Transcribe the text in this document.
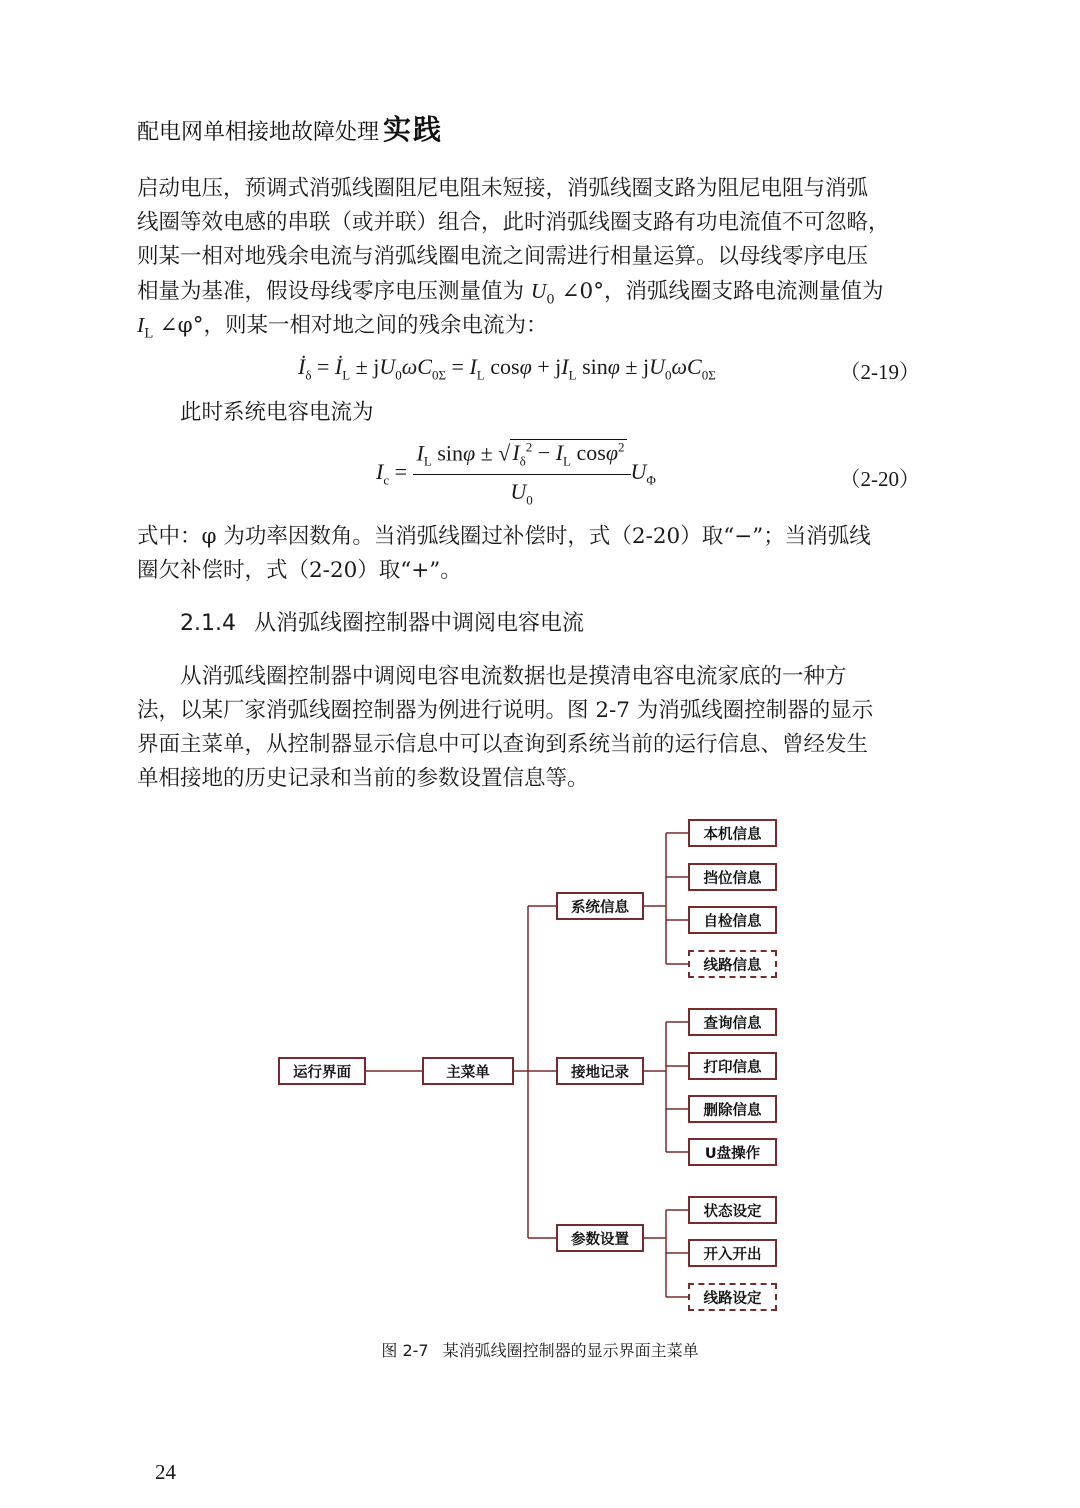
配电网单相接地故障处理 实践
启动电压，预调式消弧线圈阻尼电阻未短接，消弧线圈支路为阻尼电阻与消弧
线圈等效电感的串联（或并联）组合，此时消弧线圈支路有功电流值不可忽略，
则某一相对地残余电流与消弧线圈电流之间需进行相量运算。以母线零序电压
相量为基准，假设母线零序电压测量值为 $U_0$ ∠0°，消弧线圈支路电流测量值为
$I_L$ ∠φ°，则某一相对地之间的残余电流为：
$İ_\delta$ = $İ_L \pm jU_0\omega C_{0\Sigma} = I_L$ $\cos\varphi + jI_L$ $\sin\varphi \pm jU_0\omega C_{0\Sigma}$	（2-19）
此时系统电容电流为
$I_c = \frac{I_L \sin\varphi \pm √I_\delta^2 - I_L \cos\varphi^2}{U_0} U_\Phi$	（2-20）
式中：φ 为功率因数角。当消弧线圈过补偿时，式（2-20）取“−”；当消弧线
圈欠补偿时，式（2-20）取“+”。
2.1.4 从消弧线圈控制器中调阅电容电流
从消弧线圈控制器中调阅电容电流数据也是摸清电容电流家底的一种方
法，以某厂家消弧线圈控制器为例进行说明。图 2-7 为消弧线圈控制器的显示
界面主菜单，从控制器显示信息中可以查询到系统当前的运行信息、曾经发生
单相接地的历史记录和当前的参数设置信息等。
运行界面	主菜单
系统信息
接地记录
参数设置
本机信息
挡位信息
自检信息
线路信息
查询信息
打印信息
删除信息
U盘操作
状态设定
开入开出
线路设定
图 2-7 某消弧线圈控制器的显示界面主菜单
24
